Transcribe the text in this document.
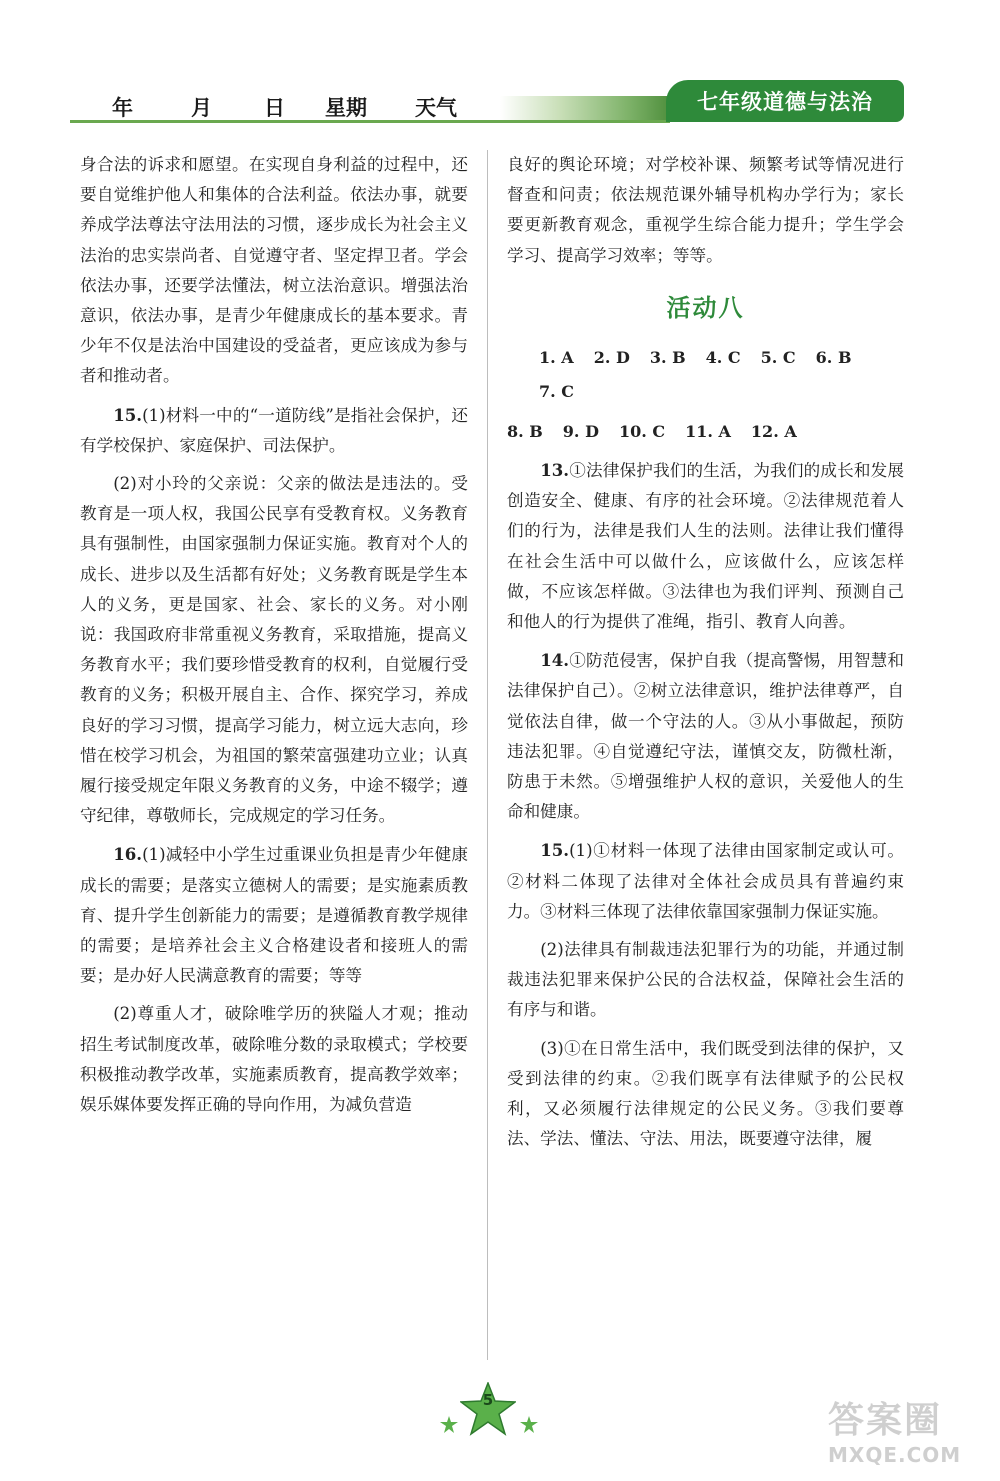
年	月 日 星期 天气	七年级道德与法治

身合法的诉求和愿望。在实现自身利益的过程中，还要自觉维护他人和集体的合法利益。依法办事，就要养成学法尊法守法用法的习惯，逐步成长为社会主义法治的忠实崇尚者、自觉遵守者、坚定捍卫者。学会依法办事，还要学法懂法，树立法治意识。增强法治意识，依法办事，是青少年健康成长的基本要求。青少年不仅是法治中国建设的受益者，更应该成为参与者和推动者。

15.(1)材料一中的“一道防线”是指社会保护，还有学校保护、家庭保护、司法保护。

(2)对小玲的父亲说：父亲的做法是违法的。受教育是一项人权，我国公民享有受教育权。义务教育具有强制性，由国家强制力保证实施。教育对个人的成长、进步以及生活都有好处；义务教育既是学生本人的义务，更是国家、社会、家长的义务。对小刚说：我国政府非常重视义务教育，采取措施，提高义务教育水平；我们要珍惜受教育的权利，自觉履行受教育的义务；积极开展自主、合作、探究学习，养成良好的学习习惯，提高学习能力，树立远大志向，珍惜在校学习机会，为祖国的繁荣富强建功立业；认真履行接受规定年限义务教育的义务，中途不辍学；遵守纪律，尊敬师长，完成规定的学习任务。

16.(1)减轻中小学生过重课业负担是青少年健康成长的需要；是落实立德树人的需要；是实施素质教育、提升学生创新能力的需要；是遵循教育教学规律的需要；是培养社会主义合格建设者和接班人的需要；是办好人民满意教育的需要；等等

(2)尊重人才，破除唯学历的狭隘人才观；推动招生考试制度改革，破除唯分数的录取模式；学校要积极推动教学改革，实施素质教育，提高教学效率；娱乐媒体要发挥正确的导向作用，为减负营造

良好的舆论环境；对学校补课、频繁考试等情况进行督查和问责；依法规范课外辅导机构办学行为；家长要更新教育观念，重视学生综合能力提升；学生学会学习、提高学习效率；等等。

活动八
1. A 2. D 3. B 4. C 5. C 6. B
7. C
8. B 9. D 10. C 11. A 12. A

13.①法律保护我们的生活，为我们的成长和发展创造安全、健康、有序的社会环境。②法律规范着人们的行为，法律是我们人生的法则。法律让我们懂得在社会生活中可以做什么，应该做什么，应该怎样做，不应该怎样做。③法律也为我们评判、预测自己和他人的行为提供了准绳，指引、教育人向善。

14.①防范侵害，保护自我（提高警惕，用智慧和法律保护自己）。②树立法律意识，维护法律尊严，自觉依法自律，做一个守法的人。③从小事做起，预防违法犯罪。④自觉遵纪守法，谨慎交友，防微杜渐，防患于未然。⑤增强维护人权的意识，关爱他人的生命和健康。

15.(1)①材料一体现了法律由国家制定或认可。②材料二体现了法律对全体社会成员具有普遍约束力。③材料三体现了法律依靠国家强制力保证实施。

(2)法律具有制裁违法犯罪行为的功能，并通过制裁违法犯罪来保护公民的合法权益，保障社会生活的有序与和谐。

(3)①在日常生活中，我们既受到法律的保护，又受到法律的约束。②我们既享有法律赋予的公民权利，又必须履行法律规定的公民义务。③我们要尊法、学法、懂法、守法、用法，既要遵守法律，履

5	答案圈
MXQE.COM
